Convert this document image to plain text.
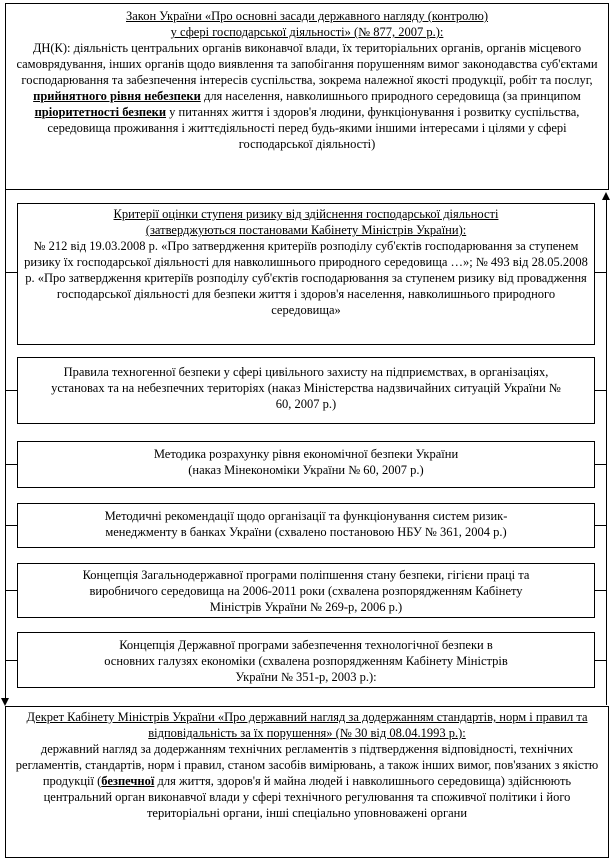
Закон України «Про основні засади державного нагляду (контролю)
у сфері господарської діяльності» (№ 877, 2007 р.):
ДН(К): діяльність центральних органів виконавчої влади, їх територіальних органів, органів місцевого самоврядування, інших органів щодо виявлення та запобігання порушенням вимог законодавства суб'єктами господарювання та забезпечення інтересів суспільства, зокрема належної якості продукції, робіт та послуг, прийнятного рівня небезпеки для населення, навколишнього природного середовища (за принципом пріоритетності безпеки у питаннях життя і здоров'я людини, функціонування і розвитку суспільства, середовища проживання і життєдіяльності перед будь-якими іншими інтересами і цілями у сфері господарської діяльності)
Критерії оцінки ступеня ризику від здійснення господарської діяльності
(затверджуються постановами Кабінету Міністрів України):
№ 212 від 19.03.2008 р. «Про затвердження критеріїв розподілу суб'єктів господарювання за ступенем ризику їх господарської діяльності для навколишнього природного середовища …»; № 493 від 28.05.2008 р. «Про затвердження критеріїв розподілу суб'єктів господарювання за ступенем ризику від провадження господарської діяльності для безпеки життя і здоров'я населення, навколишнього природного середовища»
Правила техногенної безпеки у сфері цивільного захисту на підприємствах, в організаціях, установах та на небезпечних територіях (наказ Міністерства надзвичайних ситуацій України № 60, 2007 р.)
Методика розрахунку рівня економічної безпеки України (наказ Мінекономіки України № 60, 2007 р.)
Методичні рекомендації щодо організації та функціонування систем ризик-менеджменту в банках України (схвалено постановою НБУ № 361, 2004 р.)
Концепція Загальнодержавної програми поліпшення стану безпеки, гігієни праці та виробничого середовища на 2006-2011 роки (схвалена розпорядженням Кабінету Міністрів України № 269-р, 2006 р.)
Концепція Державної програми забезпечення технологічної безпеки в основних галузях економіки (схвалена розпорядженням Кабінету Міністрів України № 351-р, 2003 р.):
Декрет Кабінету Міністрів України «Про державний нагляд за додержанням стандартів, норм і правил та відповідальність за їх порушення» (№ 30 від 08.04.1993 р.):
державний нагляд за додержанням технічних регламентів з підтвердження відповідності, технічних регламентів, стандартів, норм і правил, станом засобів вимірювань, а також інших вимог, пов'язаних з якістю продукції (безпечної для життя, здоров'я й майна людей і навколишнього середовища) здійснюють центральний орган виконавчої влади у сфері технічного регулювання та споживчої політики і його територіальні органи, інші спеціально уповноважені органи
